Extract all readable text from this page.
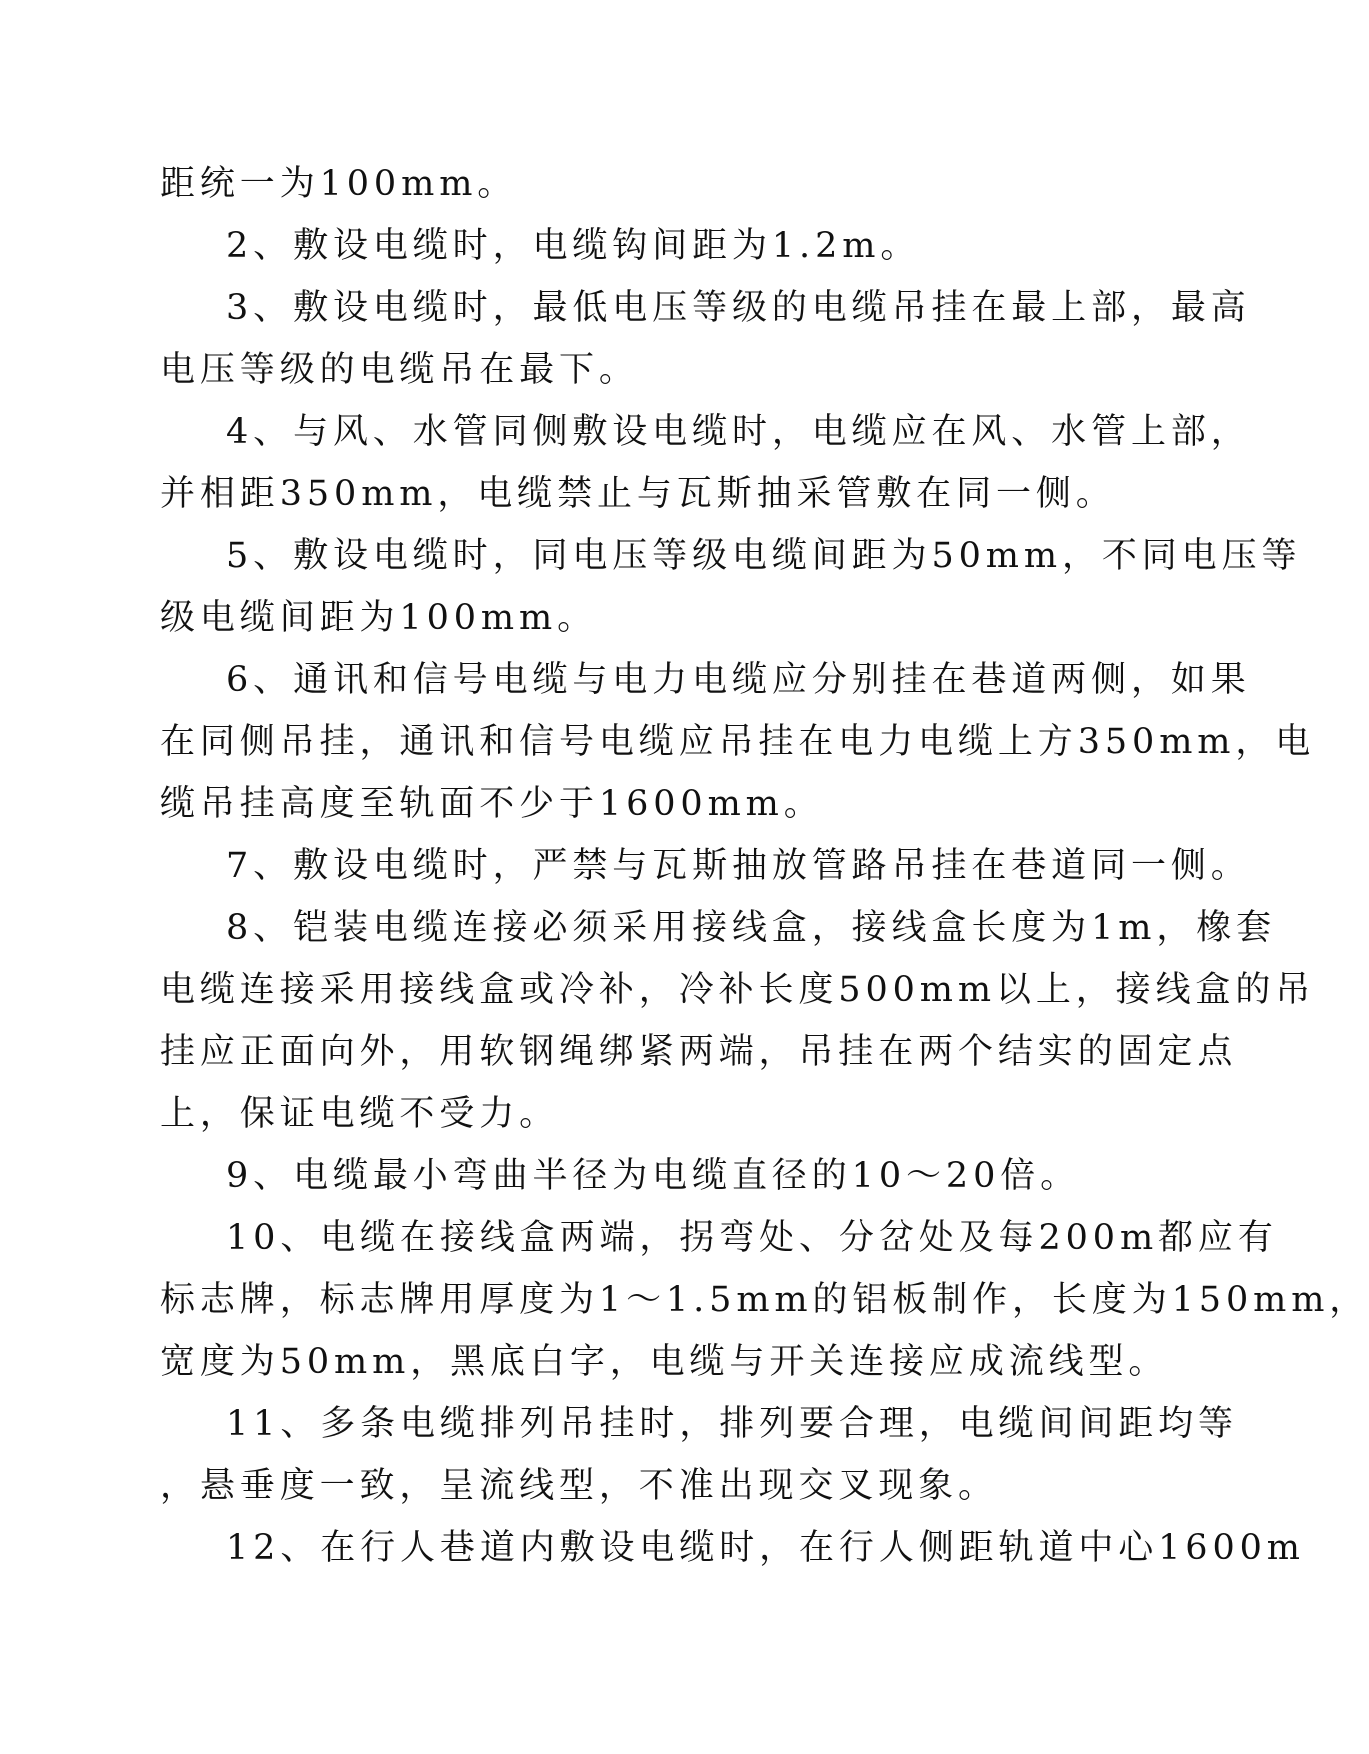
距统一为100mm。
2、敷设电缆时，电缆钩间距为1.2m。
3、敷设电缆时，最低电压等级的电缆吊挂在最上部，最高
电压等级的电缆吊在最下。
4、与风、水管同侧敷设电缆时，电缆应在风、水管上部，
并相距350mm，电缆禁止与瓦斯抽采管敷在同一侧。
5、敷设电缆时，同电压等级电缆间距为50mm，不同电压等
级电缆间距为100mm。
6、通讯和信号电缆与电力电缆应分别挂在巷道两侧，如果
在同侧吊挂，通讯和信号电缆应吊挂在电力电缆上方350mm，电
缆吊挂高度至轨面不少于1600mm。
7、敷设电缆时，严禁与瓦斯抽放管路吊挂在巷道同一侧。
8、铠装电缆连接必须采用接线盒，接线盒长度为1m，橡套
电缆连接采用接线盒或冷补，冷补长度500mm以上，接线盒的吊
挂应正面向外，用软钢绳绑紧两端，吊挂在两个结实的固定点
上，保证电缆不受力。
9、电缆最小弯曲半径为电缆直径的10～20倍。
10、电缆在接线盒两端，拐弯处、分岔处及每200m都应有
标志牌，标志牌用厚度为1～1.5mm的铝板制作，长度为150mm，
宽度为50mm，黑底白字，电缆与开关连接应成流线型。
11、多条电缆排列吊挂时，排列要合理，电缆间间距均等
，悬垂度一致，呈流线型，不准出现交叉现象。
12、在行人巷道内敷设电缆时，在行人侧距轨道中心1600m
